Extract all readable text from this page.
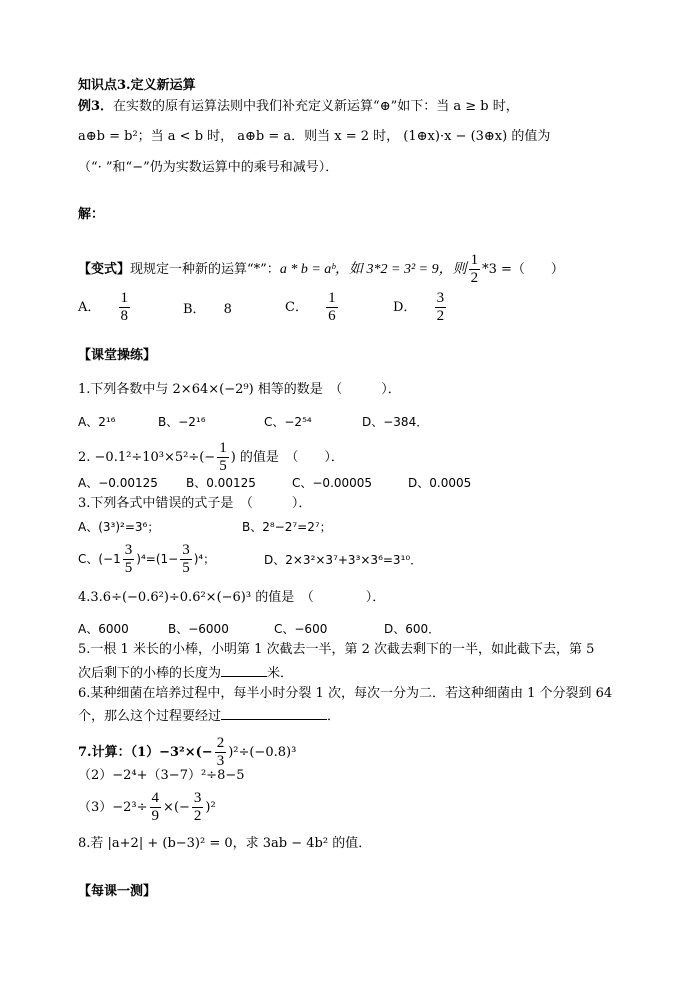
知识点3.定义新运算
例3．在实数的原有运算法则中我们补充定义新运算“⊕”如下：当 a ≥ b 时，
a⊕b = b²；当 a < b 时， a⊕b = a．则当 x = 2 时， (1⊕x)·x − (3⊕x) 的值为
（“· ”和“−”仍为实数运算中的乘号和减号）．
解：
【变式】现规定一种新的运算“*”：a * b = aᵇ，如 3*2 = 3² = 9，则 $\frac{1}{2} *3$ =（　　）
A． $\frac{1}{8}$	B． 8	C． $\frac{1}{6}$	D． $\frac{3}{2}$
【课堂操练】
1.下列各数中与 2×64×(−2⁹) 相等的数是　（　　　）．
A、2¹⁶	B、−2¹⁶	C、−2⁵⁴	D、−384．
2. $-0.1^2\div 10^3\times 5^2\div(- \frac{1}{5}$ ) 的值是　（　　）．
A、−0.00125 B、0.00125	C、−0.00005	D、0.0005
3.下列各式中错误的式子是　（　　　）．
A、(3³)²=3⁶；	B、2⁸−2⁷=2⁷；
C、$(-1 \frac{3}{5} )^4=(1- \frac{3}{5} )^4$；	D、2×3²×3⁷+3³×3⁶=3¹⁰．
4.3.6÷(−0.6²)÷0.6²×(−6)³ 的值是　（　　　　）．
A、6000	B、−6000	C、−600	D、600．
5.一根 1 米长的小棒，小明第 1 次截去一半，第 2 次截去剩下的一半，如此截下去，第 5
次后剩下的小棒的长度为	米．
6.某种细菌在培养过程中，每半小时分裂 1 次，每次一分为二．若这种细菌由 1 个分裂到 64
个，那么这个过程要经过	．
7.计算：$(1)-3^2\times(- \frac{2}{3} )^2\div(-0.8)^3$
（2）−2⁴+（3−7）²÷8−5
$(3)-2^3\div \frac{4}{9}$ ×(− $\frac{3}{2} )^2$
8.若 |a+2| + (b−3)² = 0，求 3ab − 4b² 的值．
【每课一测】
